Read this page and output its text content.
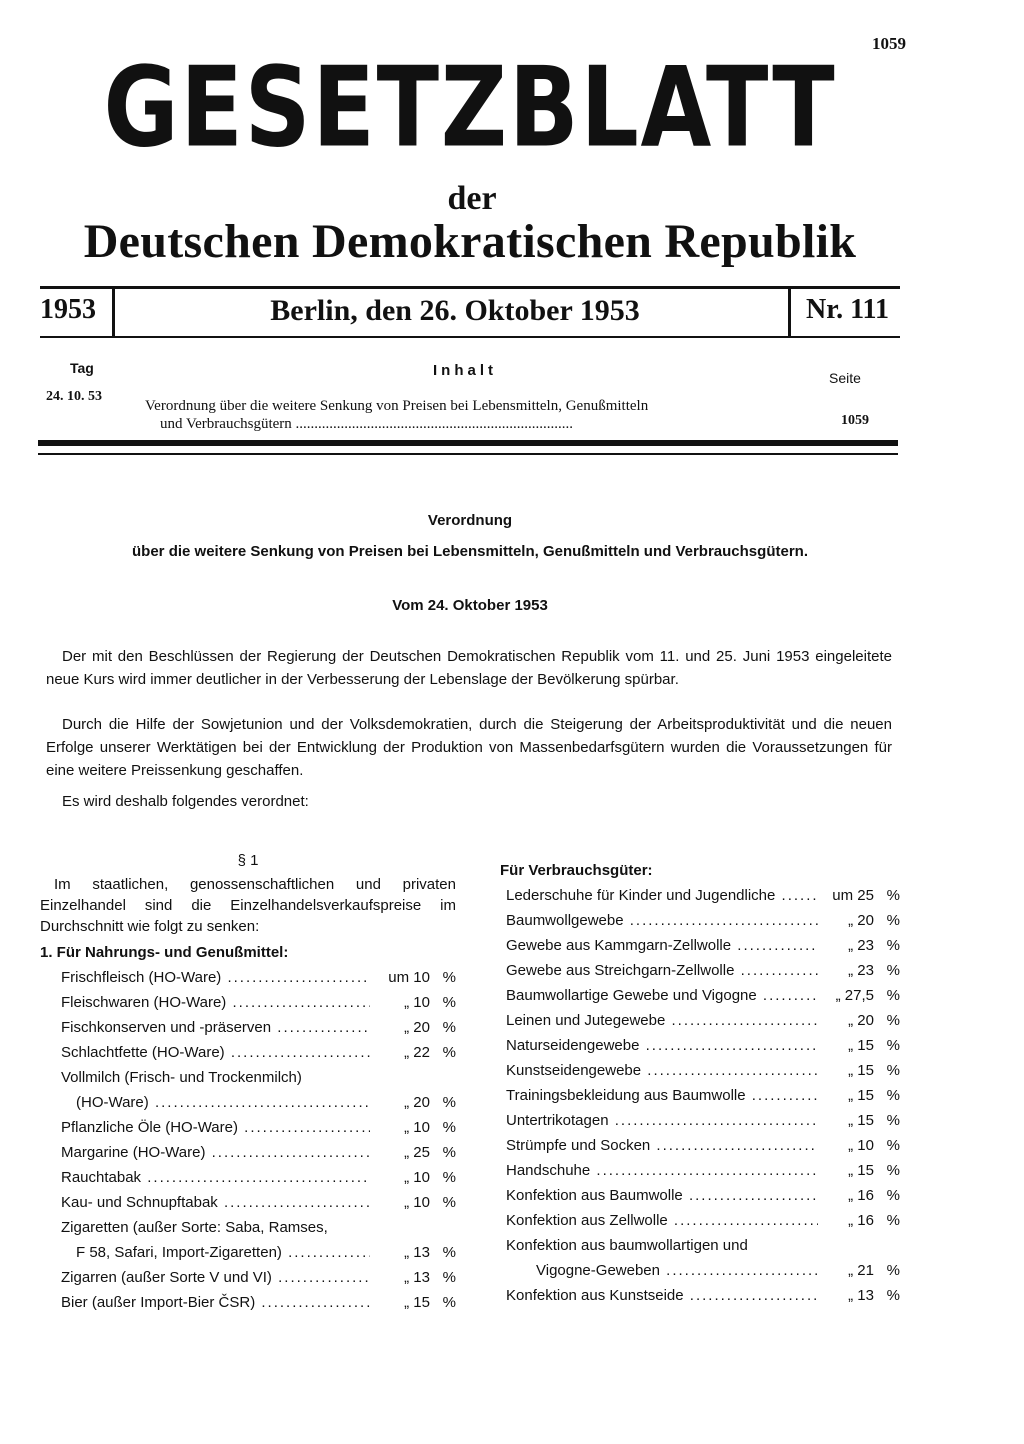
1059
GESETZBLATT
der
Deutschen Demokratischen Republik
1953	Berlin, den 26. Oktober 1953	Nr. 111
Tag	Inhalt	Seite
24. 10. 53
Verordnung über die weitere Senkung von Preisen bei Lebensmitteln, Genußmitteln
und Verbrauchsgütern ..........................................................................	1059
Verordnung
über die weitere Senkung von Preisen bei Lebensmitteln, Genußmitteln und Verbrauchsgütern.
Vom 24. Oktober 1953
Der mit den Beschlüssen der Regierung der Deutschen Demokratischen Republik vom 11. und 25. Juni 1953 eingeleitete neue Kurs wird immer deutlicher in der Verbesserung der Lebenslage der Bevölkerung spürbar.
Durch die Hilfe der Sowjetunion und der Volksdemokratien, durch die Steigerung der Arbeitsproduktivität und die neuen Erfolge unserer Werktätigen bei der Entwicklung der Produktion von Massenbedarfsgütern wurden die Voraussetzungen für eine weitere Preissenkung geschaffen.
Es wird deshalb folgendes verordnet:
§ 1
Im staatlichen, genossenschaftlichen und privaten Einzelhandel sind die Einzelhandelsverkaufspreise im Durchschnitt wie folgt zu senken:
1. Für Nahrungs- und Genußmittel:
Frischfleisch (HO-Ware) .....	um 10 %
Fleischwaren (HO-Ware) .....	„ 10 %
Fischkonserven und -präserven .....	„ 20 %
Schlachtfette (HO-Ware) .....	„ 22 %
Vollmilch (Frisch- und Trockenmilch)
(HO-Ware) .....	„ 20 %
Pflanzliche Öle (HO-Ware) .....	„ 10 %
Margarine (HO-Ware) .....	„ 25 %
Rauchtabak .....	„ 10 %
Kau- und Schnupftabak .....	„ 10 %
Zigaretten (außer Sorte: Saba, Ramses,
F 58, Safari, Import-Zigaretten) .....	„ 13 %
Zigarren (außer Sorte V und VI) .....	„ 13 %
Bier (außer Import-Bier ČSR) .....	„ 15 %
Für Verbrauchsgüter:
Lederschuhe für Kinder und Jugendliche .....	um 25 %
Baumwollgewebe .....	„ 20 %
Gewebe aus Kammgarn-Zellwolle .....	„ 23 %
Gewebe aus Streichgarn-Zellwolle .....	„ 23 %
Baumwollartige Gewebe und Vigogne .....	„ 27,5 %
Leinen und Jutegewebe .....	„ 20 %
Naturseidengewebe .....	„ 15 %
Kunstseidengewebe .....	„ 15 %
Trainingsbekleidung aus Baumwolle .....	„ 15 %
Untertrikotagen .....	„ 15 %
Strümpfe und Socken .....	„ 10 %
Handschuhe .....	„ 15 %
Konfektion aus Baumwolle .....	„ 16 %
Konfektion aus Zellwolle .....	„ 16 %
Konfektion aus baumwollartigen und
Vigogne-Geweben .....	„ 21 %
Konfektion aus Kunstseide .....	„ 13 %
